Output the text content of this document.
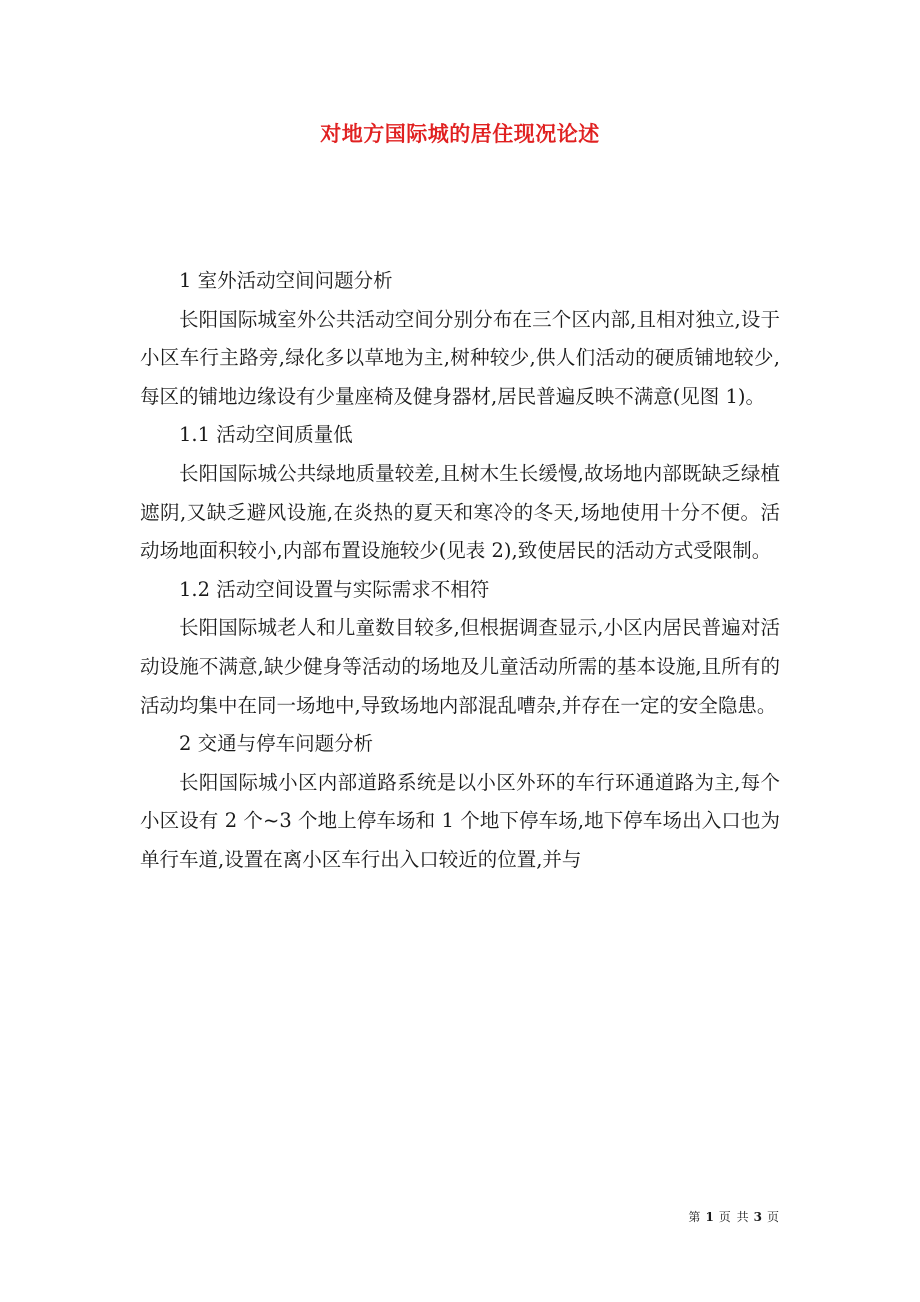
对地方国际城的居住现况论述

1 室外活动空间问题分析

长阳国际城室外公共活动空间分别分布在三个区内部,且相对独立,设于小区车行主路旁,绿化多以草地为主,树种较少,供人们活动的硬质铺地较少,每区的铺地边缘设有少量座椅及健身器材,居民普遍反映不满意(见图 1)。

1.1 活动空间质量低

长阳国际城公共绿地质量较差,且树木生长缓慢,故场地内部既缺乏绿植遮阴,又缺乏避风设施,在炎热的夏天和寒冷的冬天,场地使用十分不便。活动场地面积较小,内部布置设施较少(见表 2),致使居民的活动方式受限制。

1.2 活动空间设置与实际需求不相符

长阳国际城老人和儿童数目较多,但根据调查显示,小区内居民普遍对活动设施不满意,缺少健身等活动的场地及儿童活动所需的基本设施,且所有的活动均集中在同一场地中,导致场地内部混乱嘈杂,并存在一定的安全隐患。

2 交通与停车问题分析

长阳国际城小区内部道路系统是以小区外环的车行环通道路为主,每个小区设有 2 个~3 个地上停车场和 1 个地下停车场,地下停车场出入口也为单行车道,设置在离小区车行出入口较近的位置,并与

第 1 页 共 3 页
